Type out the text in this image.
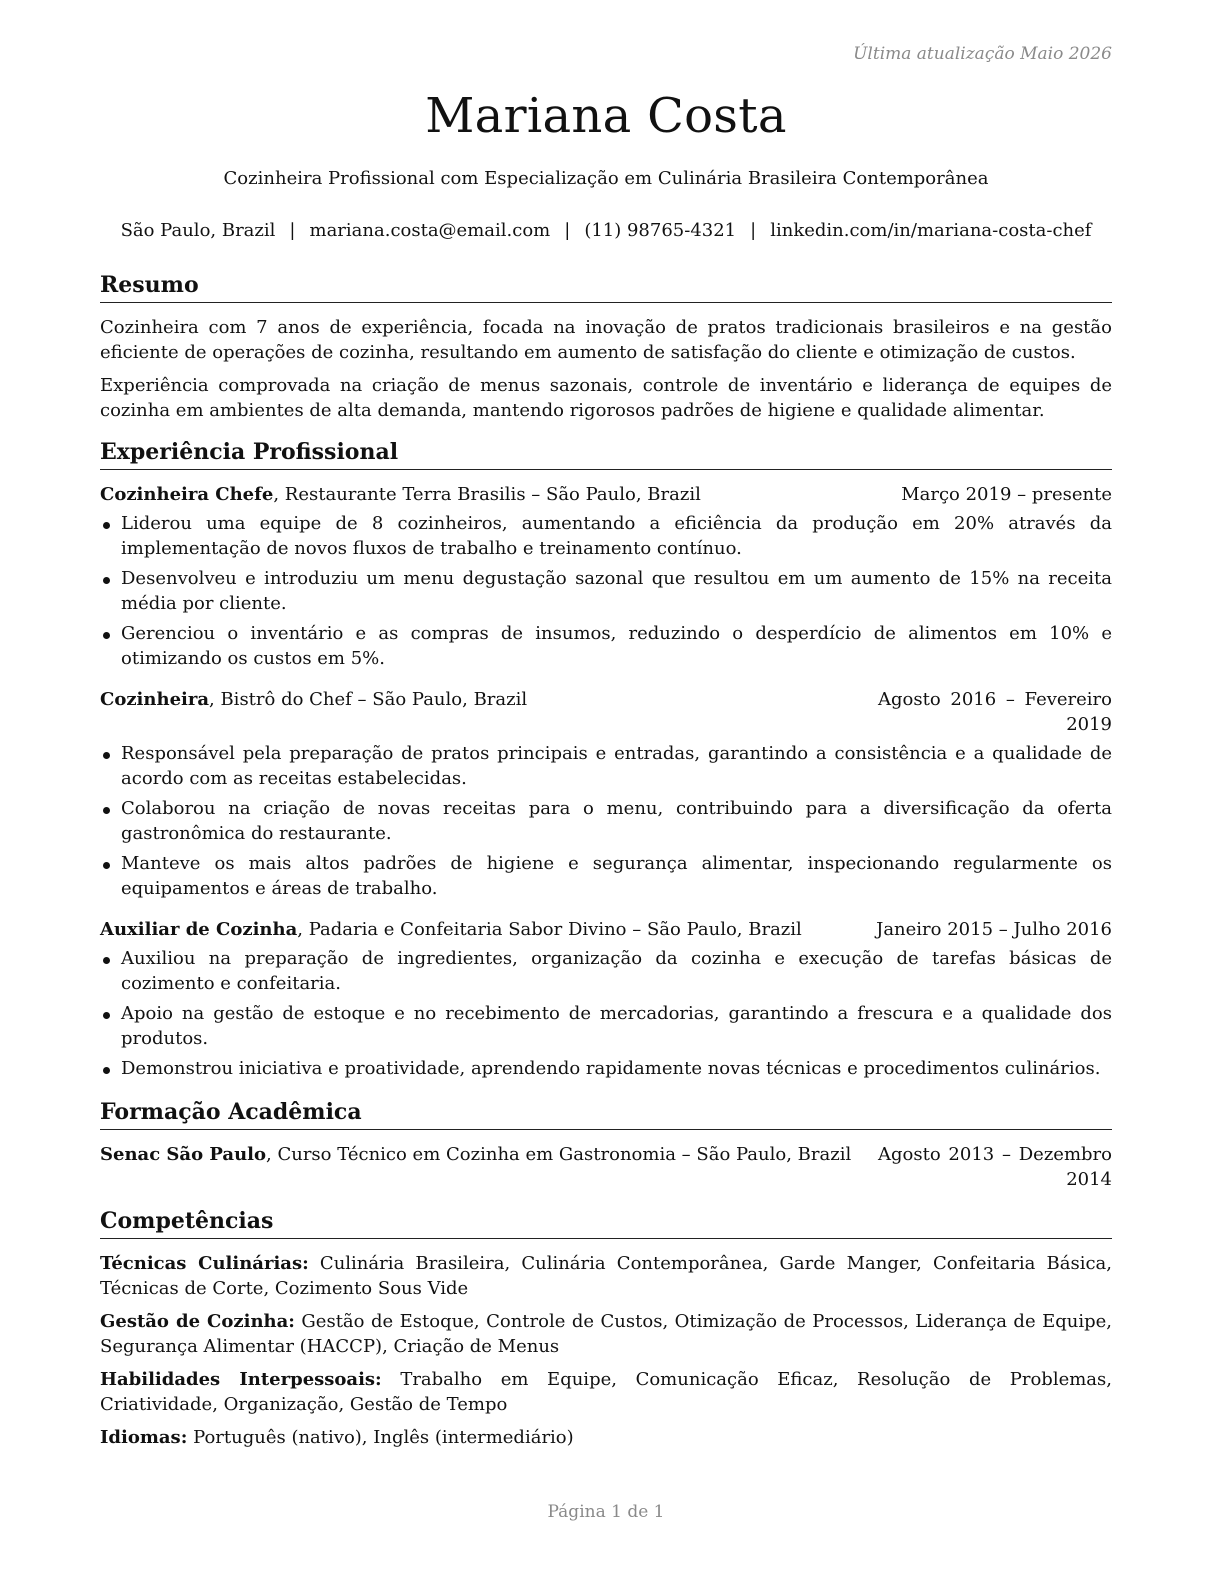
Última atualização Maio 2026
Mariana Costa
Cozinheira Profissional com Especialização em Culinária Brasileira Contemporânea
São Paulo, Brazil | mariana.costa@email.com | (11) 98765-4321 | linkedin.com/in/mariana-costa-chef
Resumo

Cozinheira com 7 anos de experiência, focada na inovação de pratos tradicionais brasileiros e na gestão eficiente de operações de cozinha, resultando em aumento de satisfação do cliente e otimização de custos.

Experiência comprovada na criação de menus sazonais, controle de inventário e liderança de equipes de cozinha em ambientes de alta demanda, mantendo rigorosos padrões de higiene e qualidade alimentar.

Experiência Profissional
Cozinheira Chefe, Restaurante Terra Brasilis – São Paulo, Brazil	Março 2019 – presente
Liderou uma equipe de 8 cozinheiros, aumentando a eficiência da produção em 20% através da implementação de novos fluxos de trabalho e treinamento contínuo.
Desenvolveu e introduziu um menu degustação sazonal que resultou em um aumento de 15% na receita média por cliente.
Gerenciou o inventário e as compras de insumos, reduzindo o desperdício de alimentos em 10% e otimizando os custos em 5%.
Cozinheira, Bistrô do Chef – São Paulo, Brazil	Agosto 2016 – Fevereiro 2019
Responsável pela preparação de pratos principais e entradas, garantindo a consistência e a qualidade de acordo com as receitas estabelecidas.
Colaborou na criação de novas receitas para o menu, contribuindo para a diversificação da oferta gastronômica do restaurante.
Manteve os mais altos padrões de higiene e segurança alimentar, inspecionando regularmente os equipamentos e áreas de trabalho.
Auxiliar de Cozinha, Padaria e Confeitaria Sabor Divino – São Paulo, Brazil	Janeiro 2015 – Julho 2016
Auxiliou na preparação de ingredientes, organização da cozinha e execução de tarefas básicas de cozimento e confeitaria.
Apoio na gestão de estoque e no recebimento de mercadorias, garantindo a frescura e a qualidade dos produtos.
Demonstrou iniciativa e proatividade, aprendendo rapidamente novas técnicas e procedimentos culinários.
Formação Acadêmica
Senac São Paulo, Curso Técnico em Cozinha em Gastronomia – São Paulo, Brazil	Agosto 2013 – Dezembro 2014
Competências
Técnicas Culinárias: Culinária Brasileira, Culinária Contemporânea, Garde Manger, Confeitaria Básica, Técnicas de Corte, Cozimento Sous Vide
Gestão de Cozinha: Gestão de Estoque, Controle de Custos, Otimização de Processos, Liderança de Equipe, Segurança Alimentar (HACCP), Criação de Menus
Habilidades Interpessoais: Trabalho em Equipe, Comunicação Eficaz, Resolução de Problemas, Criatividade, Organização, Gestão de Tempo
Idiomas: Português (nativo), Inglês (intermediário)
Página 1 de 1
